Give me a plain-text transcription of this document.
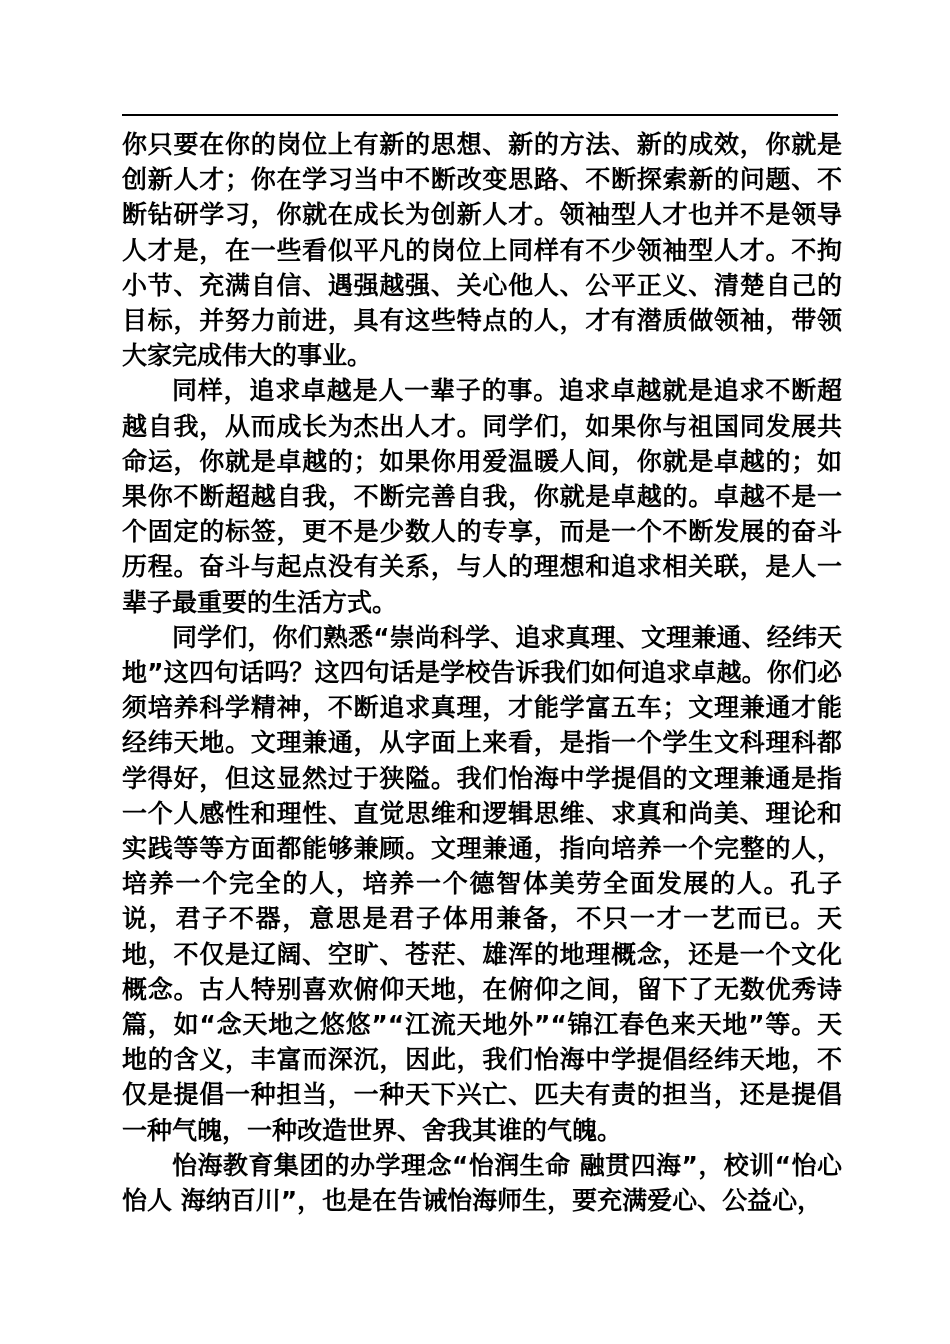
你只要在你的岗位上有新的思想、新的方法、新的成效，你就是创新人才；你在学习当中不断改变思路、不断探索新的问题、不断钻研学习，你就在成长为创新人才。领袖型人才也并不是领导人才是，在一些看似平凡的岗位上同样有不少领袖型人才。不拘小节、充满自信、遇强越强、关心他人、公平正义、清楚自己的目标，并努力前进，具有这些特点的人，才有潜质做领袖，带领大家完成伟大的事业。

同样，追求卓越是人一辈子的事。追求卓越就是追求不断超越自我，从而成长为杰出人才。同学们，如果你与祖国同发展共命运，你就是卓越的；如果你用爱温暖人间，你就是卓越的；如果你不断超越自我，不断完善自我，你就是卓越的。卓越不是一个固定的标签，更不是少数人的专享，而是一个不断发展的奋斗历程。奋斗与起点没有关系，与人的理想和追求相关联，是人一辈子最重要的生活方式。

同学们，你们熟悉“崇尚科学、追求真理、文理兼通、经纬天地”这四句话吗？这四句话是学校告诉我们如何追求卓越。你们必须培养科学精神，不断追求真理，才能学富五车；文理兼通才能经纬天地。文理兼通，从字面上来看，是指一个学生文科理科都学得好，但这显然过于狭隘。我们怡海中学提倡的文理兼通是指一个人感性和理性、直觉思维和逻辑思维、求真和尚美、理论和实践等等方面都能够兼顾。文理兼通，指向培养一个完整的人，培养一个完全的人，培养一个德智体美劳全面发展的人。孔子说，君子不器，意思是君子体用兼备，不只一才一艺而已。天地，不仅是辽阔、空旷、苍茫、雄浑的地理概念，还是一个文化概念。古人特别喜欢俯仰天地，在俯仰之间，留下了无数优秀诗篇，如“念天地之悠悠”“江流天地外”“锦江春色来天地”等。天地的含义，丰富而深沉，因此，我们怡海中学提倡经纬天地，不仅是提倡一种担当，一种天下兴亡、匹夫有责的担当，还是提倡一种气魄，一种改造世界、舍我其谁的气魄。

怡海教育集团的办学理念“怡润生命 融贯四海”，校训“怡心怡人 海纳百川”，也是在告诫怡海师生，要充满爱心、公益心，
